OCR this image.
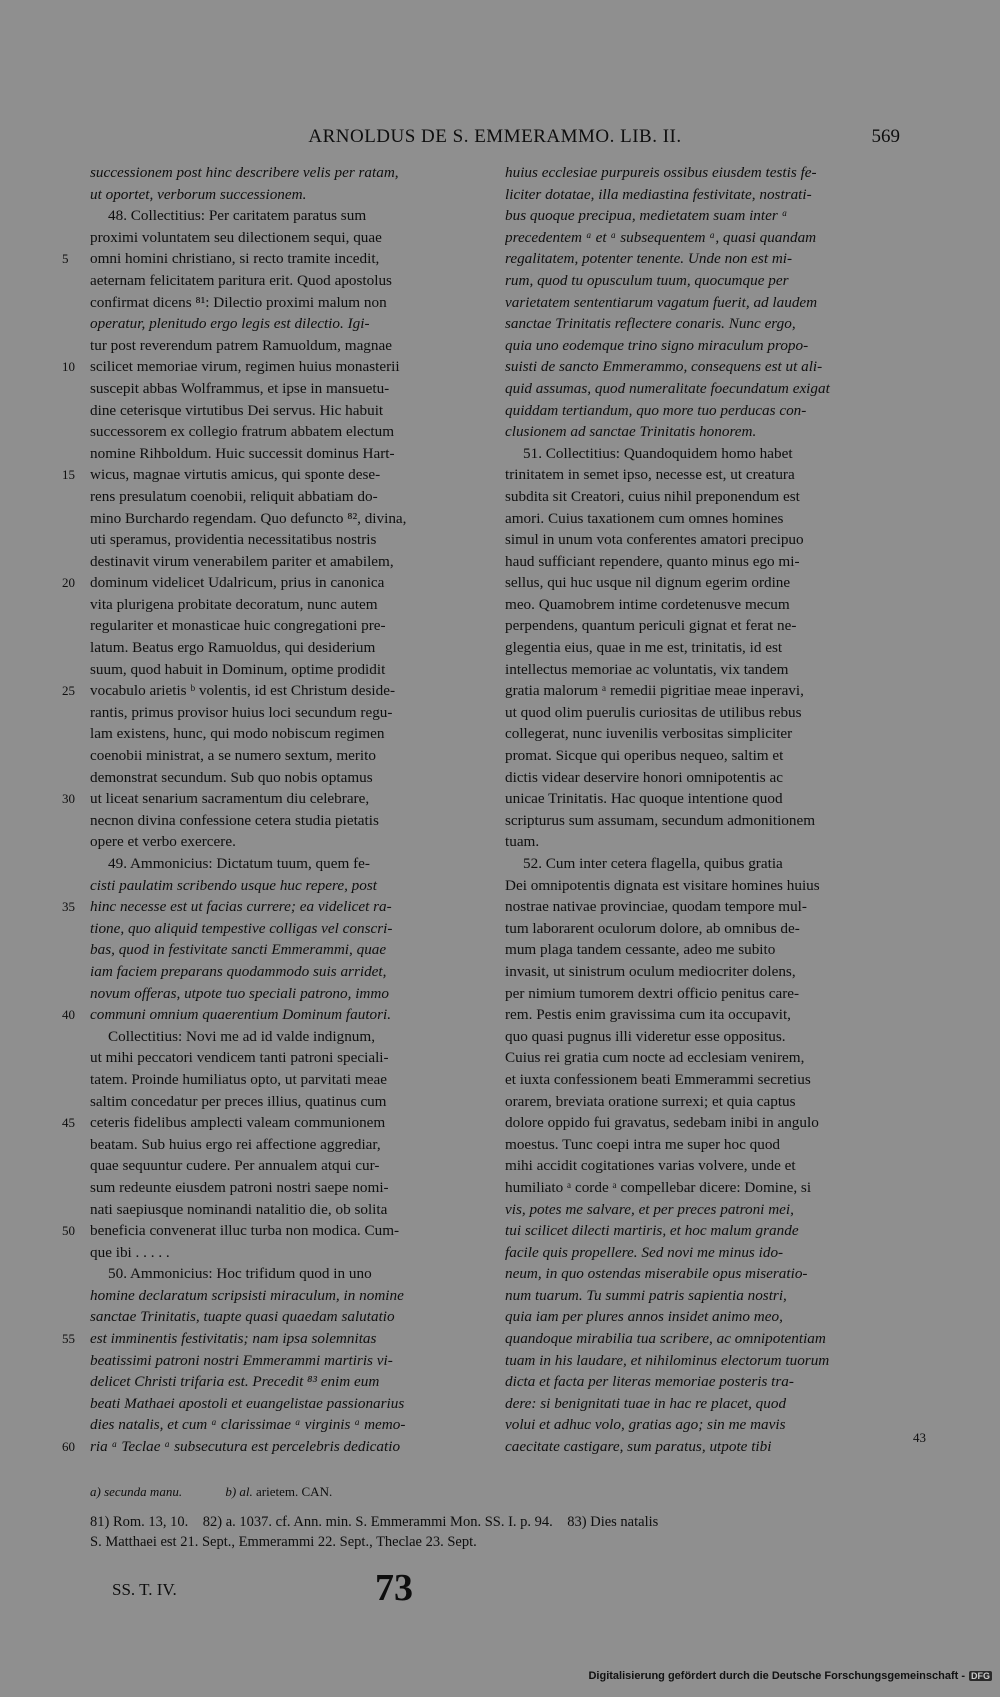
ARNOLDUS DE S. EMMERAMMO. LIB. II.	569
successionem post hinc describere velis per ratam,
ut oportet, verborum successionem.
48. Collectitius: Per caritatem paratus sum
proximi voluntatem seu dilectionem sequi, quae
omni homini christiano, si recto tramite incedit,
aeternam felicitatem paritura erit. Quod apostolus
confirmat dicens ⁸¹: Dilectio proximi malum non
operatur, plenitudo ergo legis est dilectio. Igi-
tur post reverendum patrem Ramuoldum, magnae
scilicet memoriae virum, regimen huius monasterii
suscepit abbas Wolframmus, et ipse in mansuetu-
dine ceterisque virtutibus Dei servus. Hic habuit
successorem ex collegio fratrum abbatem electum
nomine Rihboldum. Huic successit dominus Hart-
wicus, magnae virtutis amicus, qui sponte dese-
rens presulatum coenobii, reliquit abbatiam do-
mino Burchardo regendam. Quo defuncto ⁸², divina,
uti speramus, providentia necessitatibus nostris
destinavit virum venerabilem pariter et amabilem,
dominum videlicet Udalricum, prius in canonica
vita plurigena probitate decoratum, nunc autem
regulariter et monasticae huic congregationi pre-
latum. Beatus ergo Ramuoldus, qui desiderium
suum, quod habuit in Dominum, optime prodidit
vocabulo arietis ᵇ volentis, id est Christum deside-
rantis, primus provisor huius loci secundum regu-
lam existens, hunc, qui modo nobiscum regimen
coenobii ministrat, a se numero sextum, merito
demonstrat secundum. Sub quo nobis optamus
ut liceat senarium sacramentum diu celebrare,
necnon divina confessione cetera studia pietatis
opere et verbo exercere.
49. Ammonicius: Dictatum tuum, quem fe-
cisti paulatim scribendo usque huc repere, post
hinc necesse est ut facias currere; ea videlicet ra-
tione, quo aliquid tempestive colligas vel conscri-
bas, quod in festivitate sancti Emmerammi, quae
iam faciem preparans quodammodo suis arridet,
novum offeras, utpote tuo speciali patrono, immo
communi omnium quaerentium Dominum fautori.
Collectitius: Novi me ad id valde indignum,
ut mihi peccatori vendicem tanti patroni speciali-
tatem. Proinde humiliatus opto, ut parvitati meae
saltim concedatur per preces illius, quatinus cum
ceteris fidelibus amplecti valeam communionem
beatam. Sub huius ergo rei affectione aggrediar,
quae sequuntur cudere. Per annualem atqui cur-
sum redeunte eiusdem patroni nostri saepe nomi-
nati saepiusque nominandi natalitio die, ob solita
beneficia convenerat illuc turba non modica. Cum-
que ibi . . . . .
50. Ammonicius: Hoc trifidum quod in uno
homine declaratum scripsisti miraculum, in nomine
sanctae Trinitatis, tuapte quasi quaedam salutatio
est imminentis festivitatis; nam ipsa solemnitas
beatissimi patroni nostri Emmerammi martiris vi-
delicet Christi trifaria est. Precedit ⁸³ enim eum
beati Mathaei apostoli et euangelistae passionarius
dies natalis, et cum ᵃ clarissimae ᵃ virginis ᵃ memo-
ria ᵃ Teclae ᵃ subsecutura est percelebris dedicatio
huius ecclesiae purpureis ossibus eiusdem testis fe-
liciter dotatae, illa mediastina festivitate, nostrati-
bus quoque precipua, medietatem suam inter ᵃ
precedentem ᵃ et ᵃ subsequentem ᵃ, quasi quandam
regalitatem, potenter tenente. Unde non est mi-
rum, quod tu opusculum tuum, quocumque per
varietatem sententiarum vagatum fuerit, ad laudem
sanctae Trinitatis reflectere conaris. Nunc ergo,
quia uno eodemque trino signo miraculum propo-
suisti de sancto Emmerammo, consequens est ut ali-
quid assumas, quod numeralitate foecundatum exigat
quiddam tertiandum, quo more tuo perducas con-
clusionem ad sanctae Trinitatis honorem.
51. Collectitius: Quandoquidem homo habet
trinitatem in semet ipso, necesse est, ut creatura
subdita sit Creatori, cuius nihil preponendum est
amori. Cuius taxationem cum omnes homines
simul in unum vota conferentes amatori precipuo
haud sufficiant rependere, quanto minus ego mi-
sellus, qui huc usque nil dignum egerim ordine
meo. Quamobrem intime cordetenusve mecum
perpendens, quantum periculi gignat et ferat ne-
glegentia eius, quae in me est, trinitatis, id est
intellectus memoriae ac voluntatis, vix tandem
gratia malorum ᵃ remedii pigritiae meae inperavi,
ut quod olim puerulis curiositas de utilibus rebus
collegerat, nunc iuvenilis verbositas simpliciter
promat. Sicque qui operibus nequeo, saltim et
dictis videar deservire honori omnipotentis ac
unicae Trinitatis. Hac quoque intentione quod
scripturus sum assumam, secundum admonitionem
tuam.
52. Cum inter cetera flagella, quibus gratia
Dei omnipotentis dignata est visitare homines huius
nostrae nativae provinciae, quodam tempore mul-
tum laborarent oculorum dolore, ab omnibus de-
mum plaga tandem cessante, adeo me subito
invasit, ut sinistrum oculum mediocriter dolens,
per nimium tumorem dextri officio penitus care-
rem. Pestis enim gravissima cum ita occupavit,
quo quasi pugnus illi videretur esse oppositus.
Cuius rei gratia cum nocte ad ecclesiam venirem,
et iuxta confessionem beati Emmerammi secretius
orarem, breviata oratione surrexi; et quia captus
dolore oppido fui gravatus, sedebam inibi in angulo
moestus. Tunc coepi intra me super hoc quod
mihi accidit cogitationes varias volvere, unde et
humiliato ᵃ corde ᵃ compellebar dicere: Domine, si
vis, potes me salvare, et per preces patroni mei,
tui scilicet dilecti martiris, et hoc malum grande
facile quis propellere. Sed novi me minus ido-
neum, in quo ostendas miserabile opus miseratio-
num tuarum. Tu summi patris sapientia nostri,
quia iam per plures annos insidet animo meo,
quandoque mirabilia tua scribere, ac omnipotentiam
tuam in his laudare, et nihilominus electorum tuorum
dicta et facta per literas memoriae posteris tra-
dere: si benignitati tuae in hac re placet, quod
volui et adhuc volo, gratias ago; sin me mavis
caecitate castigare, sum paratus, utpote tibi
43
a) secunda manu.	b) al. arietem. CAN.
81) Rom. 13, 10.    82) a. 1037. cf. Ann. min. S. Emmerammi Mon. SS. I. p. 94.    83) Dies natalis
S. Matthaei est 21. Sept., Emmerammi 22. Sept., Theclae 23. Sept.
SS. T. IV.	73
Digitalisierung gefördert durch die Deutsche Forschungsgemeinschaft - DFG
5
10
15
20
25
30
35
40
45
50
55
60
